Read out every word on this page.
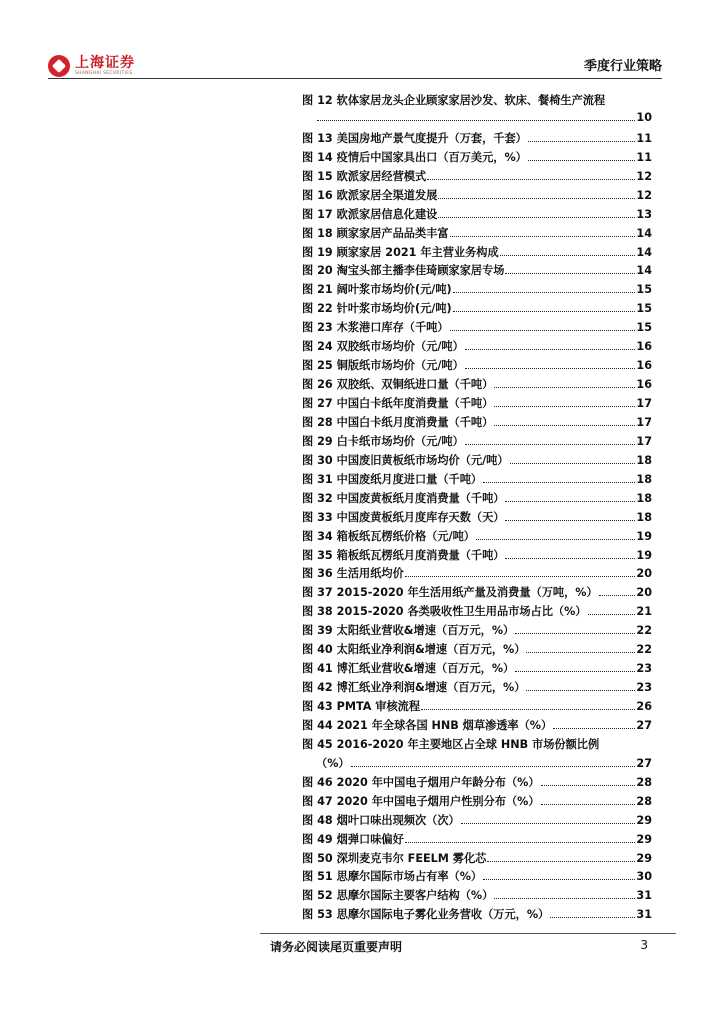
上海证券
SHANGHAI SECURITIES	季度行业策略
图 12 软体家居龙头企业顾家家居沙发、软床、餐椅生产流程
10
图 13 美国房地产景气度提升（万套，千套）	11
图 14 疫情后中国家具出口（百万美元，%）	11
图 15 欧派家居经营模式	12
图 16 欧派家居全渠道发展	12
图 17 欧派家居信息化建设	13
图 18 顾家家居产品品类丰富	14
图 19 顾家家居 2021 年主营业务构成	14
图 20 淘宝头部主播李佳琦顾家家居专场	14
图 21 阔叶浆市场均价(元/吨)	15
图 22 针叶浆市场均价(元/吨)	15
图 23 木浆港口库存（千吨）	15
图 24 双胶纸市场均价（元/吨）	16
图 25 铜版纸市场均价（元/吨）	16
图 26 双胶纸、双铜纸进口量（千吨）	16
图 27 中国白卡纸年度消费量（千吨）	17
图 28 中国白卡纸月度消费量（千吨）	17
图 29 白卡纸市场均价（元/吨）	17
图 30 中国废旧黄板纸市场均价（元/吨）	18
图 31 中国废纸月度进口量（千吨）	18
图 32 中国废黄板纸月度消费量（千吨）	18
图 33 中国废黄板纸月度库存天数（天）	18
图 34 箱板纸瓦楞纸价格（元/吨）	19
图 35 箱板纸瓦楞纸月度消费量（千吨）	19
图 36 生活用纸均价	20
图 37 2015-2020 年生活用纸产量及消费量（万吨，%）	20
图 38 2015-2020 各类吸收性卫生用品市场占比（%）	21
图 39 太阳纸业营收&增速（百万元，%）	22
图 40 太阳纸业净利润&增速（百万元，%）	22
图 41 博汇纸业营收&增速（百万元，%）	23
图 42 博汇纸业净利润&增速（百万元，%）	23
图 43 PMTA 审核流程	26
图 44 2021 年全球各国 HNB 烟草渗透率（%）	27
图 45 2016-2020 年主要地区占全球 HNB 市场份额比例
（%）	27
图 46 2020 年中国电子烟用户年龄分布（%）	28
图 47 2020 年中国电子烟用户性别分布（%）	28
图 48 烟叶口味出现频次（次）	29
图 49 烟弹口味偏好	29
图 50 深圳麦克韦尔 FEELM 雾化芯	29
图 51 思摩尔国际市场占有率（%）	30
图 52 思摩尔国际主要客户结构（%）	31
图 53 思摩尔国际电子雾化业务营收（万元，%）	31
请务必阅读尾页重要声明	3
